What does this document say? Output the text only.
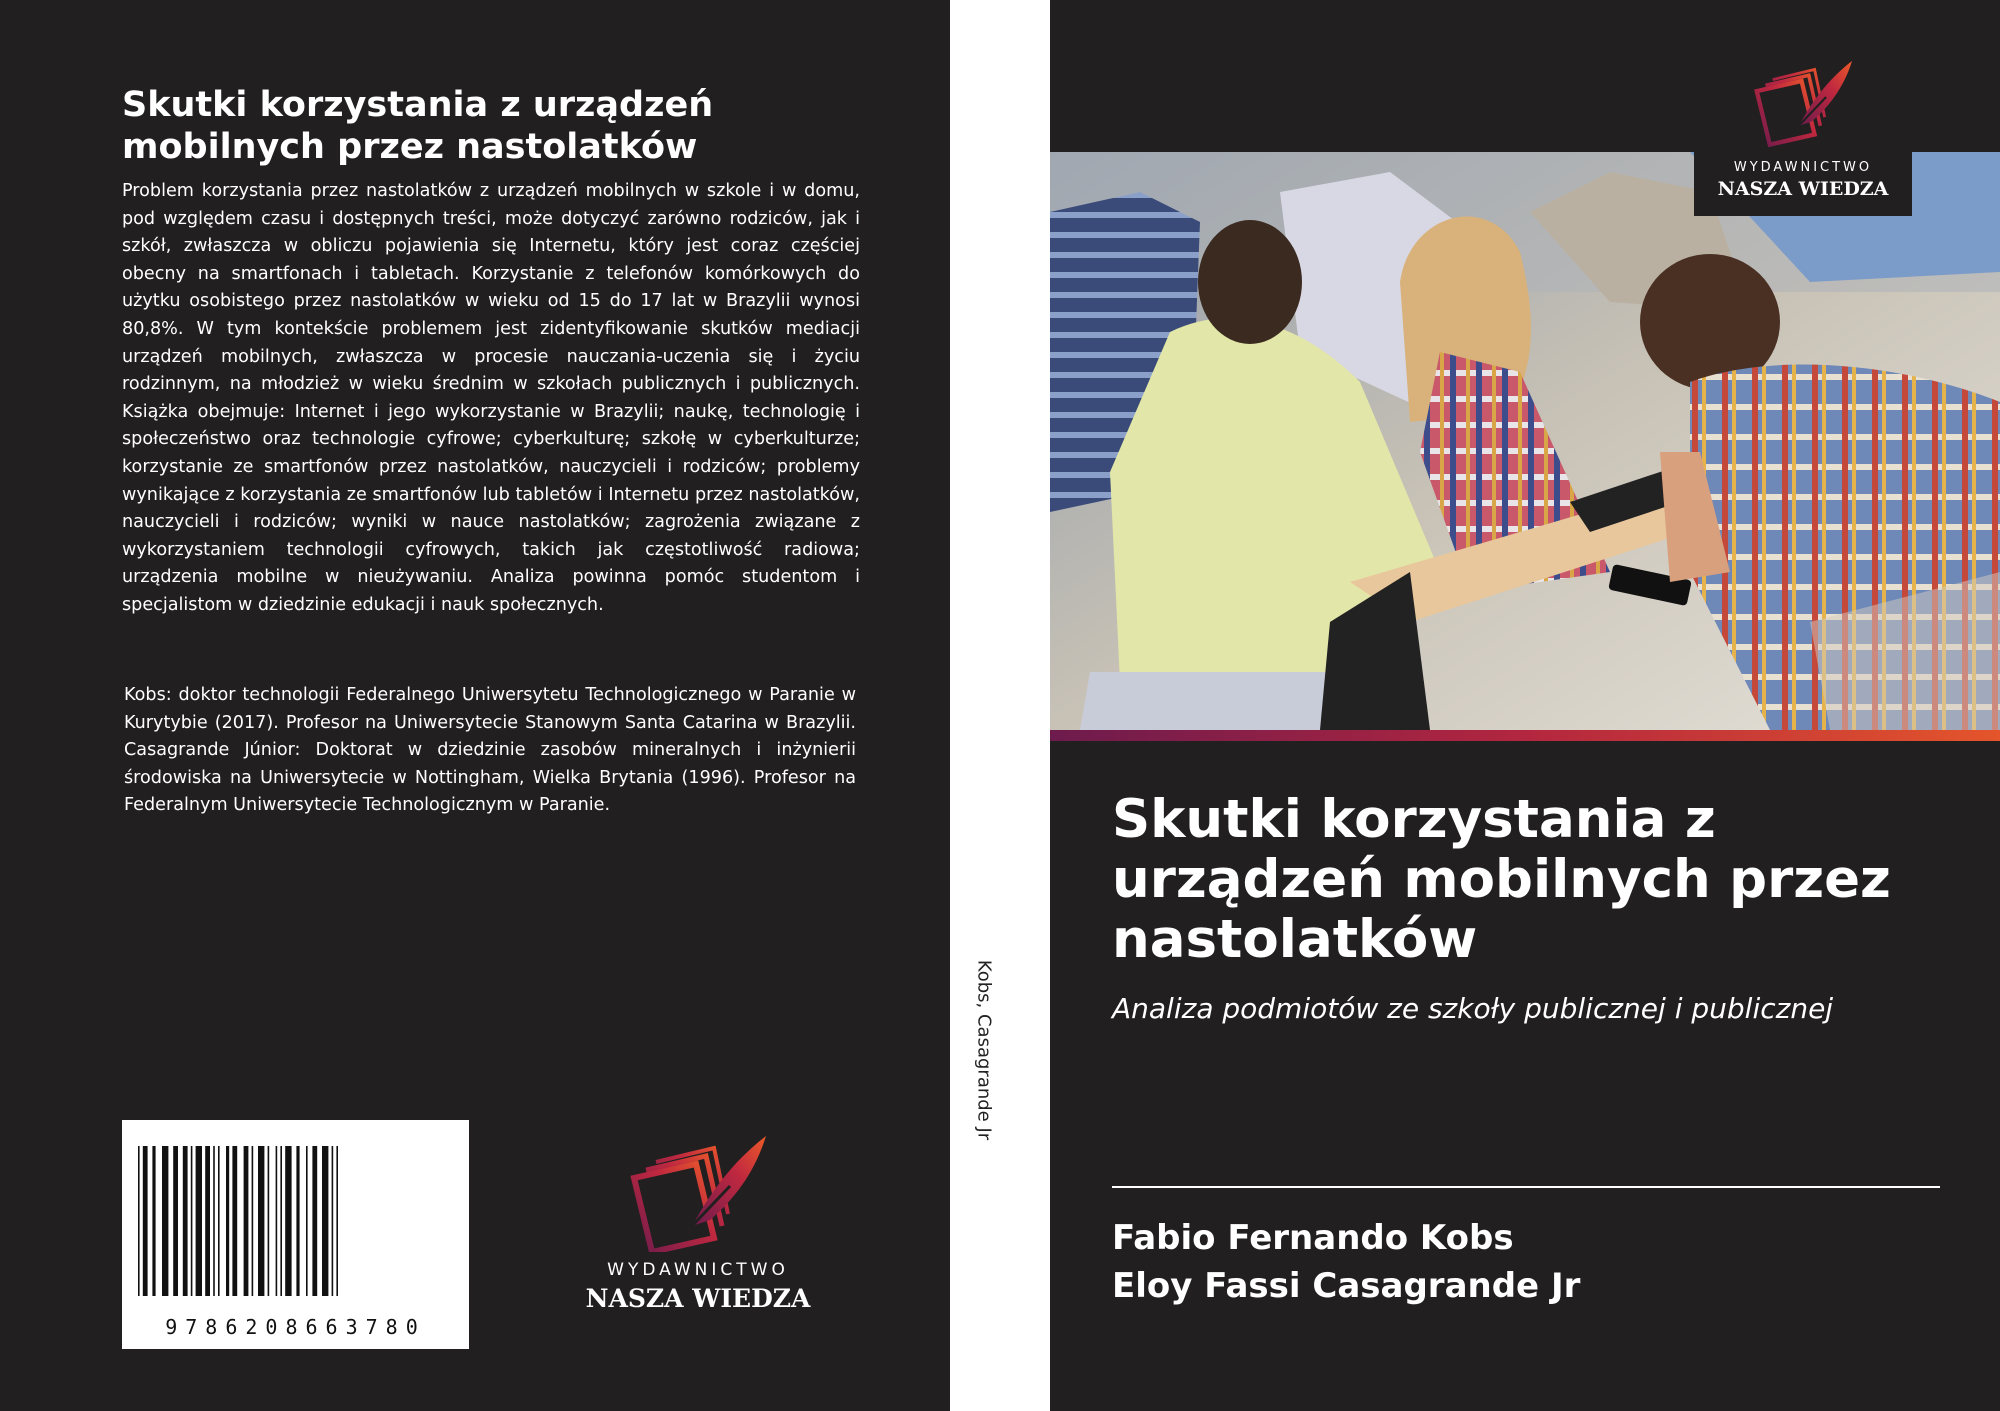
Skutki korzystania z urządzeń mobilnych przez nastolatków

Problem korzystania przez nastolatków z urządzeń mobilnych w szkole i w domu, pod względem czasu i dostępnych treści, może dotyczyć zarówno rodziców, jak i szkół, zwłaszcza w obliczu pojawienia się Internetu, który jest coraz częściej obecny na smartfonach i tabletach. Korzystanie z telefonów komórkowych do użytku osobistego przez nastolatków w wieku od 15 do 17 lat w Brazylii wynosi 80,8%. W tym kontekście problemem jest zidentyfikowanie skutków mediacji urządzeń mobilnych, zwłaszcza w procesie nauczania-uczenia się i życiu rodzinnym, na młodzież w wieku średnim w szkołach publicznych i publicznych. Książka obejmuje: Internet i jego wykorzystanie w Brazylii; naukę, technologię i społeczeństwo oraz technologie cyfrowe; cyberkulturę; szkołę w cyberkulturze; korzystanie ze smartfonów przez nastolatków, nauczycieli i rodziców; problemy wynikające z korzystania ze smartfonów lub tabletów i Internetu przez nastolatków, nauczycieli i rodziców; wyniki w nauce nastolatków; zagrożenia związane z wykorzystaniem technologii cyfrowych, takich jak częstotliwość radiowa; urządzenia mobilne w nieużywaniu. Analiza powinna pomóc studentom i specjalistom w dziedzinie edukacji i nauk społecznych.

Kobs: doktor technologii Federalnego Uniwersytetu Technologicznego w Paranie w Kurytybie (2017). Profesor na Uniwersytecie Stanowym Santa Catarina w Brazylii. Casagrande Júnior: Doktorat w dziedzinie zasobów mineralnych i inżynierii środowiska na Uniwersytecie w Nottingham, Wielka Brytania (1996). Profesor na Federalnym Uniwersytecie Technologicznym w Paranie.

9786208663780
WYDAWNICTWO
NASZA WIEDZA
Kobs, Casagrande Jr
WYDAWNICTWO
NASZA WIEDZA
Skutki korzystania z urządzeń mobilnych przez nastolatków

Analiza podmiotów ze szkoły publicznej i publicznej

Fabio Fernando Kobs

Eloy Fassi Casagrande Jr
